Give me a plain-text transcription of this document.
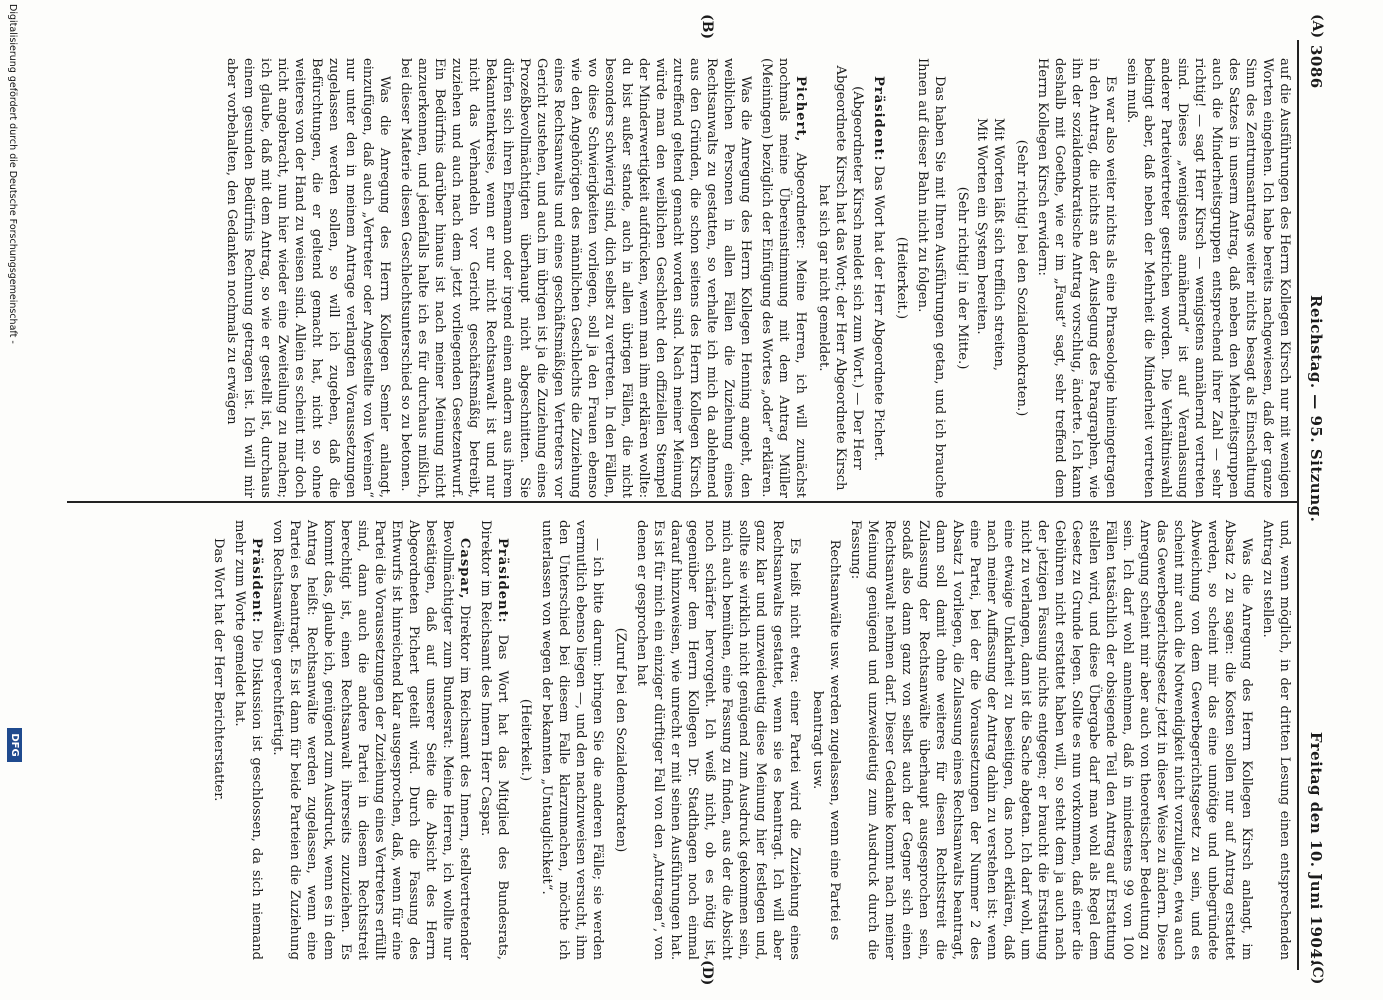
3086
Reichstag. — 95. Sitzung.
Freitag den 10. Juni 1904.
(A)
(B)
(C)
(D)

auf die Ausführungen des Herrn Kollegen Kirsch nur mit wenigen Worten eingehen. Ich habe bereits nachgewiesen, daß der ganze Sinn des Zentrumsantrags weiter nichts besagt als Einschaltung des Satzes in unserm Antrag, daß neben den Mehrheitsgruppen auch die Minderheitsgruppen entsprechend ihrer Zahl — sehr richtig! — sagt Herr Kirsch — wenigstens annähernd vertreten sind. Dieses „wenigstens annähernd“ ist auf Veranlassung anderer Parteivertreter gestrichen worden. Die Verhältniswahl bedingt aber, daß neben der Mehrheit die Minderheit vertreten sein muß.

Es war also weiter nichts als eine Phraseologie hineingetragen in den Antrag, die nichts an der Auslegung des Paragraphen, wie ihn der sozialdemokratische Antrag vorschlug, änderte. Ich kann deshalb mit Goethe, wie er im „Faust“ sagt, sehr treffend dem Herrn Kollegen Kirsch erwidern:

(Sehr richtig! bei den Sozialdemokraten.)

Mit Worten läßt sich trefflich streiten,

Mit Worten ein System bereiten.

(Sehr richtig! in der Mitte.)

Das haben Sie mit Ihren Ausführungen getan, und ich brauche Ihnen auf dieser Bahn nicht zu folgen.

(Heiterkeit.)

Präsident: Das Wort hat der Herr Abgeordnete Pichert.

(Abgeordneter Kirsch meldet sich zum Wort.) — Der Herr Abgeordnete Kirsch hat das Wort; der Herr Abgeordnete Kirsch hat sich gar nicht gemeldet.

Pichert, Abgeordneter: Meine Herren, ich will zunächst nochmals meine Übereinstimmung mit dem Antrag Müller (Meiningen) bezüglich der Einfügung des Wortes „oder“ erklären.

Was die Anregung des Herrn Kollegen Henning angeht, den weiblichen Personen in allen Fällen die Zuziehung eines Rechtsanwalts zu gestatten, so verhalte ich mich da ablehnend aus den Gründen, die schon seitens des Herrn Kollegen Kirsch zutreffend geltend gemacht worden sind. Nach meiner Meinung würde man den weiblichen Geschlecht den offiziellen Stempel der Minderwertigkeit aufdrücken, wenn man ihm erklären wollte: du bist außer stande, auch in allen übrigen Fällen, die nicht besonders schwierig sind, dich selbst zu vertreten. In den Fällen, wo diese Schwierigkeiten vorliegen, soll ja den Frauen ebenso wie den Angehörigen des männlichen Geschlechts die Zuziehung eines Rechtsanwalts und eines geschäftsmäßigen Vertreters vor Gericht zustehen, und auch im übrigen ist ja die Zuziehung eines Prozeßbevollmächtigten überhaupt nicht abgeschnitten. Sie dürfen sich ihren Ehemann oder irgend einen andern aus ihrem Bekanntenkreise, wenn er nur nicht Rechtsanwalt ist und nur nicht das Verhandeln vor Gericht geschäftsmäßig betreibt, zuziehen und auch nach dem jetzt vorliegenden Gesetzentwurf. Ein Bedürfnis darüber hinaus ist nach meiner Meinung nicht anzuerkennen, und jedenfalls halte ich es für durchaus mißlich, bei dieser Materie diesen Geschlechtsunterschied so zu betonen.

Was die Anregung des Herrn Kollegen Semler anlangt, einzufügen, daß auch „Vertreter oder Angestellte von Vereinen“ nur unter den in meinem Antrage verlangten Voraussetzungen zugelassen werden sollen, so will ich zugeben, daß die Befürchtungen, die er geltend gemacht hat, nicht so ohne weiteres von der Hand zu weisen sind. Allein es scheint mir doch nicht angebracht, nun hier wieder eine Zweiteilung zu machen; ich glaube, daß mit dem Antrag, so wie er gestellt ist, durchaus einem gesunden Bedürfnis Rechnung getragen ist. Ich will mir aber vorbehalten, den Gedanken nochmals zu erwägen

und, wenn möglich, in der dritten Lesung einen entsprechenden Antrag zu stellen.

Was die Anregung des Herrn Kollegen Kirsch anlangt, im Absatz 2 zu sagen: die Kosten sollen nur auf Antrag erstattet werden, so scheint mir das eine unnötige und unbegründete Abweichung von dem Gewerbegerichtsgesetz zu sein, und es scheint mir auch die Notwendigkeit nicht vorzuliegen, etwa auch das Gewerbegerichtsgesetz jetzt in dieser Weise zu ändern. Diese Anregung scheint mir aber auch von theoretischer Bedeutung zu sein. Ich darf wohl annehmen, daß in mindestens 99 von 100 Fällen tatsächlich der obsiegende Teil den Antrag auf Erstattung stellen wird, und diese Übergabe darf man wohl als Regel dem Gesetz zu Grunde legen. Sollte es nun vorkommen, daß einer die Gebühren nicht erstattet haben will, so steht dem ja auch nach der jetzigen Fassung nichts entgegen; er braucht die Erstattung nicht zu verlangen, dann ist die Sache abgetan. Ich darf wohl, um eine etwaige Unklarheit zu beseitigen, das noch erklären, daß nach meiner Auffassung der Antrag dahin zu verstehen ist: wenn eine Partei, bei der die Voraussetzungen der Nummer 2 des Absatz 1 vorliegen, die Zulassung eines Rechtsanwalts beantragt, dann soll damit ohne weiteres für diesen Rechtsstreit die Zulassung der Rechtsanwälte überhaupt ausgesprochen sein, sodaß also dann ganz von selbst auch der Gegner sich einen Rechtsanwalt nehmen darf. Dieser Gedanke kommt nach meiner Meinung genügend und unzweideutig zum Ausdruck durch die Fassung:

Rechtsanwälte usw. werden zugelassen, wenn eine Partei es beantragt usw.

Es heißt nicht etwa: einer Partei wird die Zuziehung eines Rechtsanwalts gestattet, wenn sie es beantragt. Ich will aber ganz klar und unzweideutig diese Meinung hier festlegen und, sollte sie wirklich nicht genügend zum Ausdruck gekommen sein, mich auch bemühen, eine Fassung zu finden, aus der die Absicht noch schärfer hervorgeht. Ich weiß nicht, ob es nötig ist, gegenüber dem Herrn Kollegen Dr. Stadthagen noch einmal darauf hinzuweisen, wie unrecht er mit seinen Ausführungen hat. Es ist für mich ein einziger dürftiger Fall von den „Antragen“, von denen er gesprochen hat

(Zuruf bei den Sozialdemokraten)

— ich bitte darum: bringen Sie die anderen Fälle; sie werden vermutlich ebenso liegen —, und den nachzuweisen versucht, ihm den Unterschied bei diesem Falle klarzumachen, möchte ich unterlassen von wegen der bekannten „Untauglichkeit“.

(Heiterkeit.)

Präsident: Das Wort hat das Mitglied des Bundesrats, Direktor im Reichsamt des Innern Herr Caspar.

Caspar, Direktor im Reichsamt des Innern, stellvertretender Bevollmächtigter zum Bundesrat: Meine Herren, ich wollte nur bestätigen, daß auf unserer Seite die Absicht des Herrn Abgeordneten Pichert geteilt wird. Durch die Fassung des Entwurfs ist hinreichend klar ausgesprochen, daß, wenn für eine Partei die Voraussetzungen der Zuziehung eines Vertreters erfüllt sind, dann auch die andere Partei in diesem Rechtsstreit berechtigt ist, einen Rechtsanwalt ihrerseits zuzuziehen. Es kommt das, glaube ich, genügend zum Ausdruck, wenn es in dem Antrag heißt: Rechtsanwälte werden zugelassen, wenn eine Partei es beantragt. Es ist dann für beide Parteien die Zuziehung von Rechtsanwälten gerechtfertigt.

Präsident: Die Diskussion ist geschlossen, da sich niemand mehr zum Worte gemeldet hat.

Das Wort hat der Herr Berichterstatter.

Digitalisierung gefördert durch die Deutsche Forschungsgemeinschaft -
DFG
